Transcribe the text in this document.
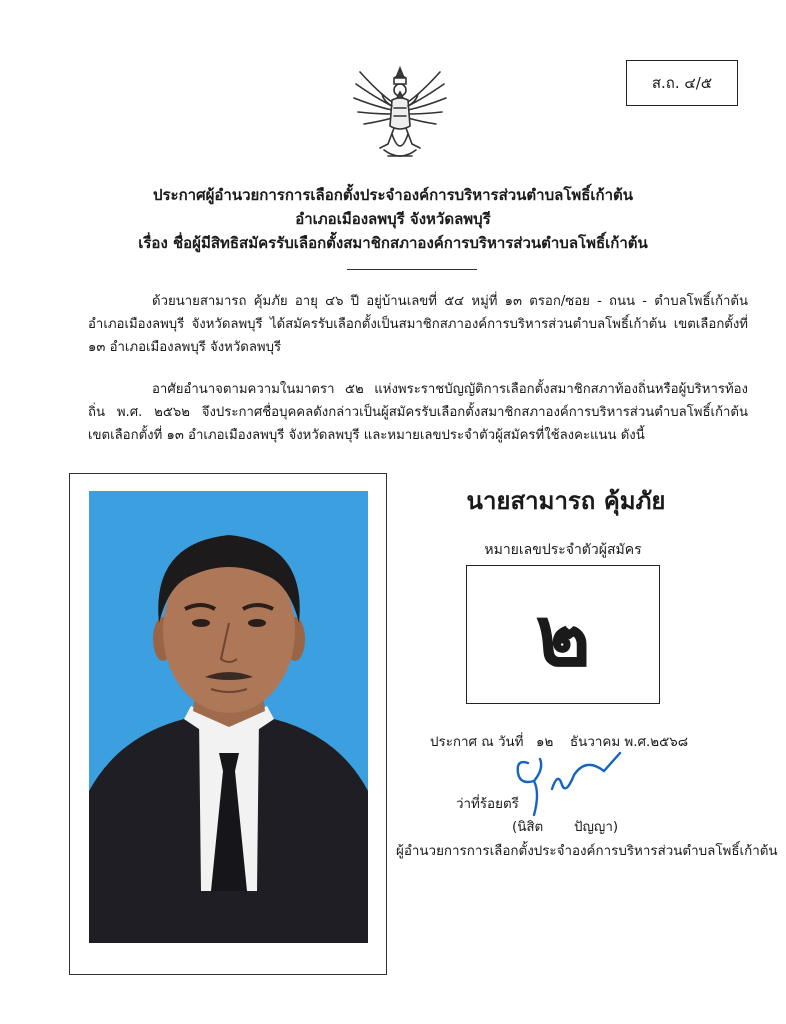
ส.ถ. ๔/๕
ประกาศผู้อำนวยการการเลือกตั้งประจำองค์การบริหารส่วนตำบลโพธิ์เก้าต้น
อำเภอเมืองลพบุรี จังหวัดลพบุรี
เรื่อง ชื่อผู้มีสิทธิสมัครรับเลือกตั้งสมาชิกสภาองค์การบริหารส่วนตำบลโพธิ์เก้าต้น
ด้วยนายสามารถ คุ้มภัย อายุ ๔๖ ปี อยู่บ้านเลขที่ ๕๔ หมู่ที่ ๑๓ ตรอก/ซอย - ถนน - ตำบลโพธิ์เก้าต้น อำเภอเมืองลพบุรี จังหวัดลพบุรี ได้สมัครรับเลือกตั้งเป็นสมาชิกสภาองค์การบริหารส่วนตำบลโพธิ์เก้าต้น เขตเลือกตั้งที่ ๑๓ อำเภอเมืองลพบุรี จังหวัดลพบุรี
อาศัยอำนาจตามความในมาตรา ๕๒ แห่งพระราชบัญญัติการเลือกตั้งสมาชิกสภาท้องถิ่นหรือผู้บริหารท้องถิ่น พ.ศ. ๒๕๖๒ จึงประกาศชื่อบุคคลดังกล่าวเป็นผู้สมัครรับเลือกตั้งสมาชิกสภาองค์การบริหารส่วนตำบลโพธิ์เก้าต้น เขตเลือกตั้งที่ ๑๓ อำเภอเมืองลพบุรี จังหวัดลพบุรี และหมายเลขประจำตัวผู้สมัครที่ใช้ลงคะแนน ดังนี้
นายสามารถ คุ้มภัย
หมายเลขประจำตัวผู้สมัคร
๒
ประกาศ ณ วันที่ ๑๒ ธันวาคม พ.ศ.๒๕๖๘
ว่าที่ร้อยตรี
(นิสิต ปัญญา)
ผู้อำนวยการการเลือกตั้งประจำองค์การบริหารส่วนตำบลโพธิ์เก้าต้น
